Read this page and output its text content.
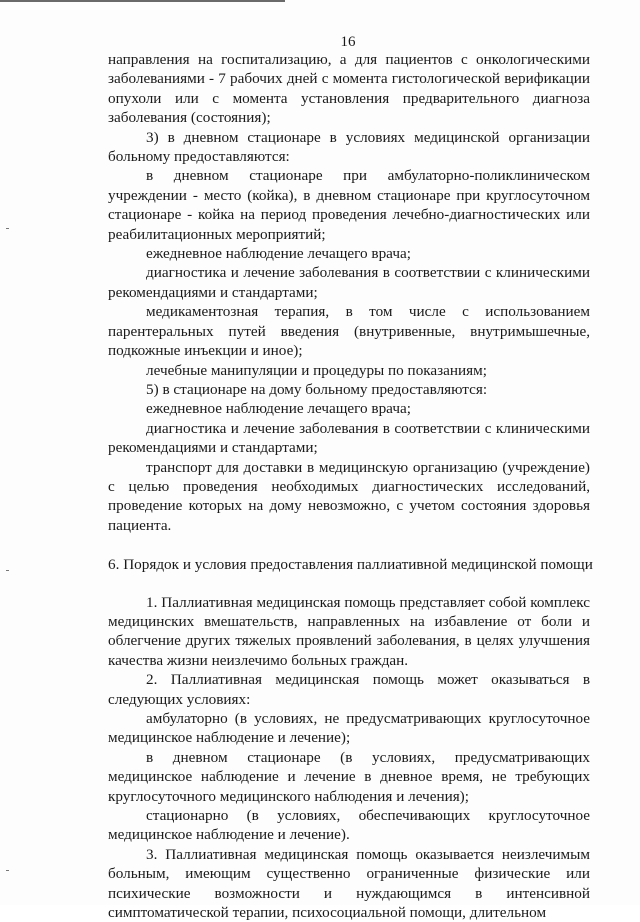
16

направления на госпитализацию, а для пациентов с онкологическими заболеваниями - 7 рабочих дней с момента гистологической верификации опухоли или с момента установления предварительного диагноза заболевания (состояния);

3) в дневном стационаре в условиях медицинской организации больному предоставляются:

в дневном стационаре при амбулаторно-поликлиническом учреждении - место (койка), в дневном стационаре при круглосуточном стационаре - койка на период проведения лечебно-диагностических или реабилитационных мероприятий;

ежедневное наблюдение лечащего врача;

диагностика и лечение заболевания в соответствии с клиническими рекомендациями и стандартами;

медикаментозная терапия, в том числе с использованием парентеральных путей введения (внутривенные, внутримышечные, подкожные инъекции и иное);

лечебные манипуляции и процедуры по показаниям;

5) в стационаре на дому больному предоставляются:

ежедневное наблюдение лечащего врача;

диагностика и лечение заболевания в соответствии с клиническими рекомендациями и стандартами;

транспорт для доставки в медицинскую организацию (учреждение) с целью проведения необходимых диагностических исследований, проведение которых на дому невозможно, с учетом состояния здоровья пациента.

6. Порядок и условия предоставления паллиативной медицинской помощи

1. Паллиативная медицинская помощь представляет собой комплекс медицинских вмешательств, направленных на избавление от боли и облегчение других тяжелых проявлений заболевания, в целях улучшения качества жизни неизлечимо больных граждан.

2. Паллиативная медицинская помощь может оказываться в следующих условиях:

амбулаторно (в условиях, не предусматривающих круглосуточное медицинское наблюдение и лечение);

в дневном стационаре (в условиях, предусматривающих медицинское наблюдение и лечение в дневное время, не требующих круглосуточного медицинского наблюдения и лечения);

стационарно (в условиях, обеспечивающих круглосуточное медицинское наблюдение и лечение).

3. Паллиативная медицинская помощь оказывается неизлечимым больным, имеющим существенно ограниченные физические или психические возможности и нуждающимся в интенсивной симптоматической терапии, психосоциальной помощи, длительном
